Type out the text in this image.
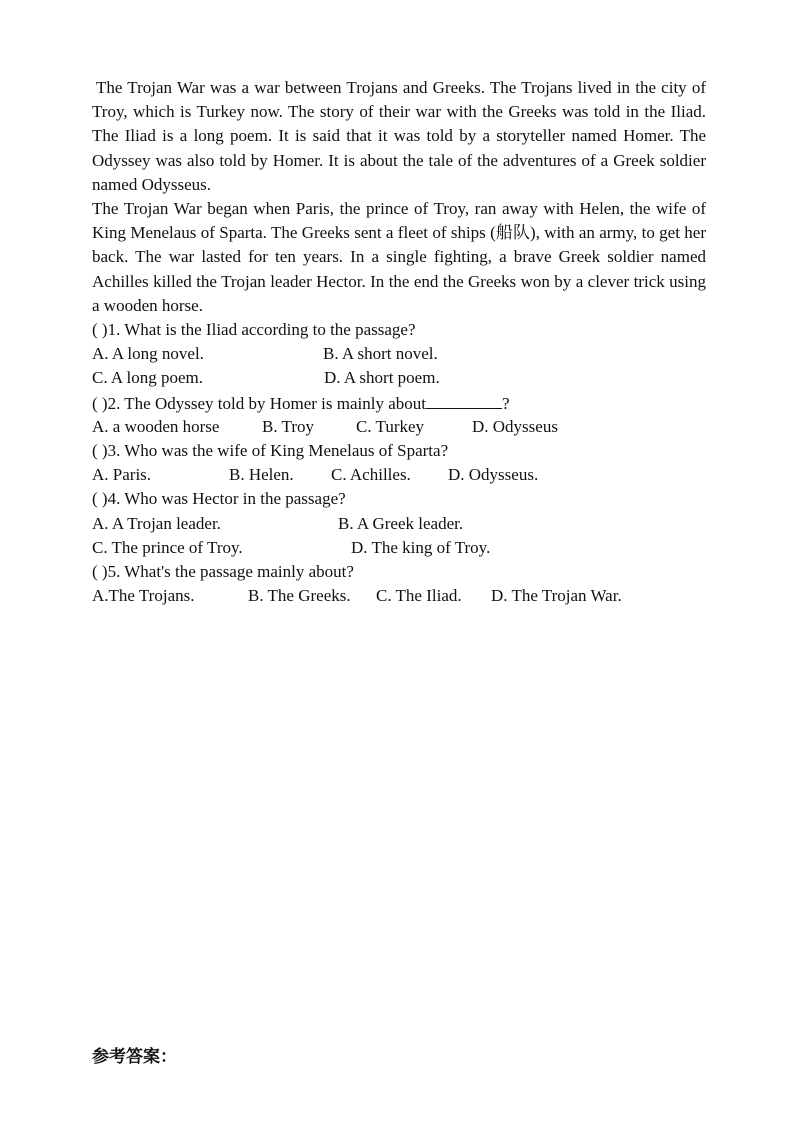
The Trojan War was a war between Trojans and Greeks. The Trojans lived in the city of Troy, which is Turkey now. The story of their war with the Greeks was told in the Iliad. The Iliad is a long poem. It is said that it was told by a storyteller named Homer. The Odyssey was also told by Homer. It is about the tale of the adventures of a Greek soldier named Odysseus.

The Trojan War began when Paris, the prince of Troy, ran away with Helen, the wife of King Menelaus of Sparta. The Greeks sent a fleet of ships (船队), with an army, to get her back. The war lasted for ten years. In a single fighting, a brave Greek soldier named Achilles killed the Trojan leader Hector. In the end the Greeks won by a clever trick using a wooden horse.

( )1. What is the Iliad according to the passage?
A. A long novel.	B. A short novel.
C. A long poem.	D. A short poem.
( )2. The Odyssey told by Homer is mainly about	?
A. a wooden horse	B. Troy C. Turkey	D. Odysseus
( )3. Who was the wife of King Menelaus of Sparta?
A. Paris.	B. Helen. C. Achilles. D. Odysseus.
( )4. Who was Hector in the passage?
A. A Trojan leader.	B. A Greek leader.
C. The prince of Troy.	D. The king of Troy.
( )5. What's the passage mainly about?
A.The Trojans.	B. The Greeks. C. The Iliad. D. The Trojan War.
参考答案：
